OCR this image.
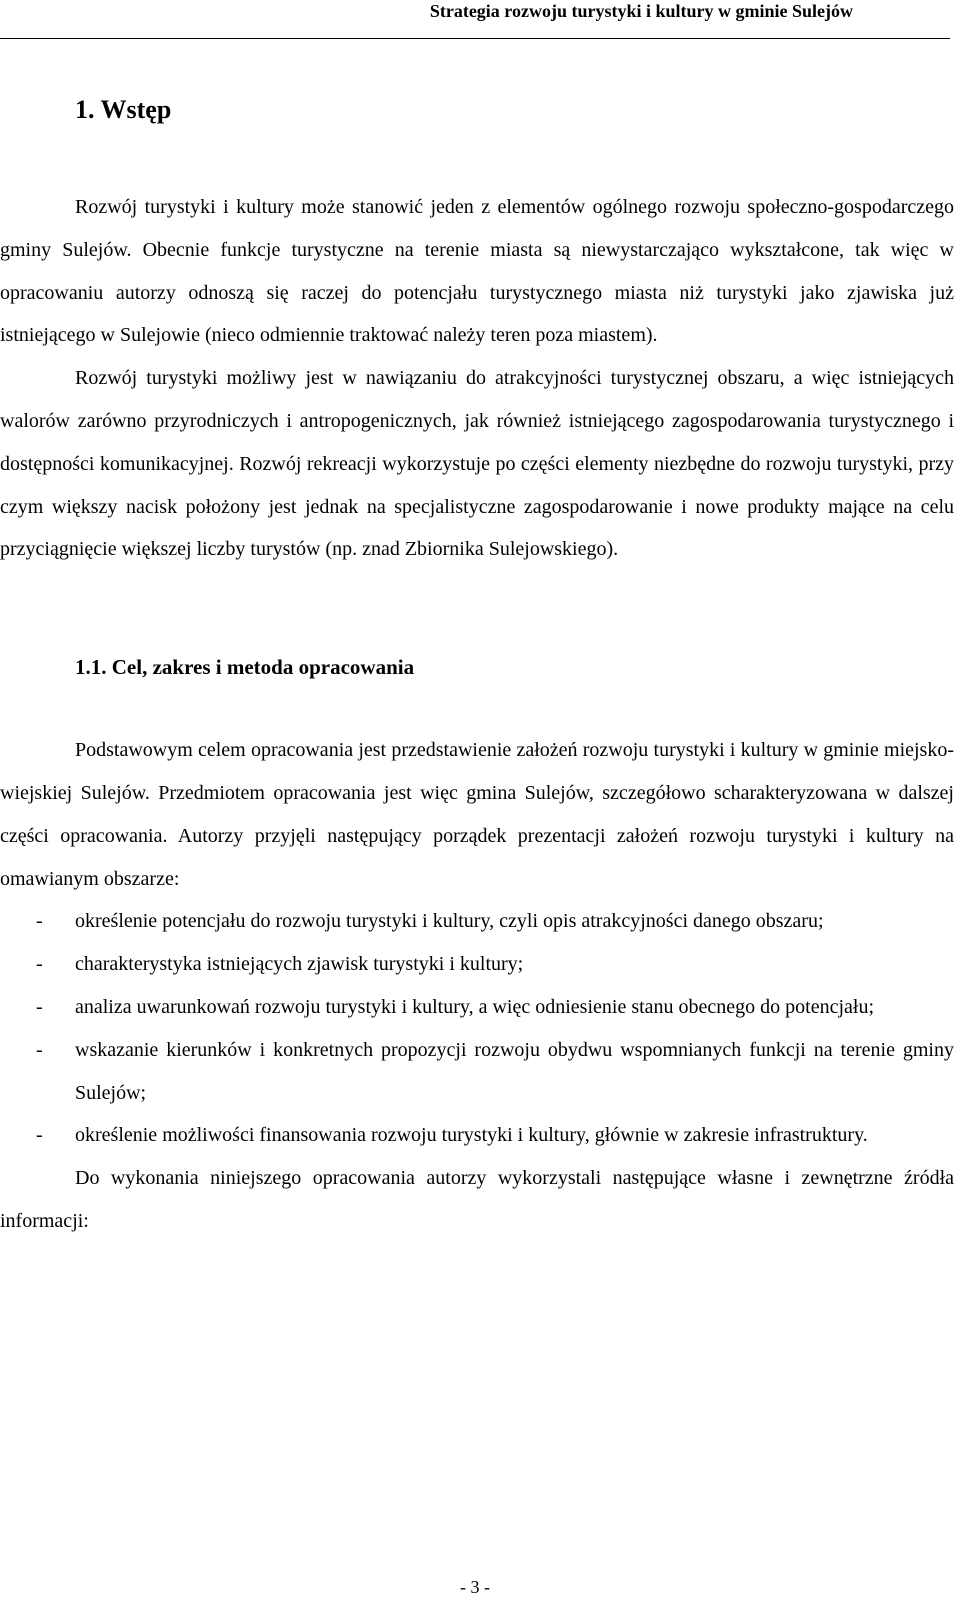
Strategia rozwoju turystyki i kultury w gminie Sulejów
1. Wstęp

Rozwój turystyki i kultury może stanowić jeden z elementów ogólnego rozwoju społeczno-gospodarczego gminy Sulejów. Obecnie funkcje turystyczne na terenie miasta są niewystarczająco wykształcone, tak więc w opracowaniu autorzy odnoszą się raczej do potencjału turystycznego miasta niż turystyki jako zjawiska już istniejącego w Sulejowie (nieco odmiennie traktować należy teren poza miastem).

Rozwój turystyki możliwy jest w nawiązaniu do atrakcyjności turystycznej obszaru, a więc istniejących walorów zarówno przyrodniczych i antropogenicznych, jak również istniejącego zagospodarowania turystycznego i dostępności komunikacyjnej. Rozwój rekreacji wykorzystuje po części elementy niezbędne do rozwoju turystyki, przy czym większy nacisk położony jest jednak na specjalistyczne zagospodarowanie i nowe produkty mające na celu przyciągnięcie większej liczby turystów (np. znad Zbiornika Sulejowskiego).

1.1. Cel, zakres i metoda opracowania

Podstawowym celem opracowania jest przedstawienie założeń rozwoju turystyki i kultury w gminie miejsko-wiejskiej Sulejów. Przedmiotem opracowania jest więc gmina Sulejów, szczegółowo scharakteryzowana w dalszej części opracowania. Autorzy przyjęli następujący porządek prezentacji założeń rozwoju turystyki i kultury na omawianym obszarze:

- określenie potencjału do rozwoju turystyki i kultury, czyli opis atrakcyjności danego obszaru;
- charakterystyka istniejących zjawisk turystyki i kultury;
- analiza uwarunkowań rozwoju turystyki i kultury, a więc odniesienie stanu obecnego do potencjału;
- wskazanie kierunków i konkretnych propozycji rozwoju obydwu wspomnianych funkcji na terenie gminy Sulejów;
- określenie możliwości finansowania rozwoju turystyki i kultury, głównie w zakresie infrastruktury.

Do wykonania niniejszego opracowania autorzy wykorzystali następujące własne i zewnętrzne źródła informacji:

- 3 -
